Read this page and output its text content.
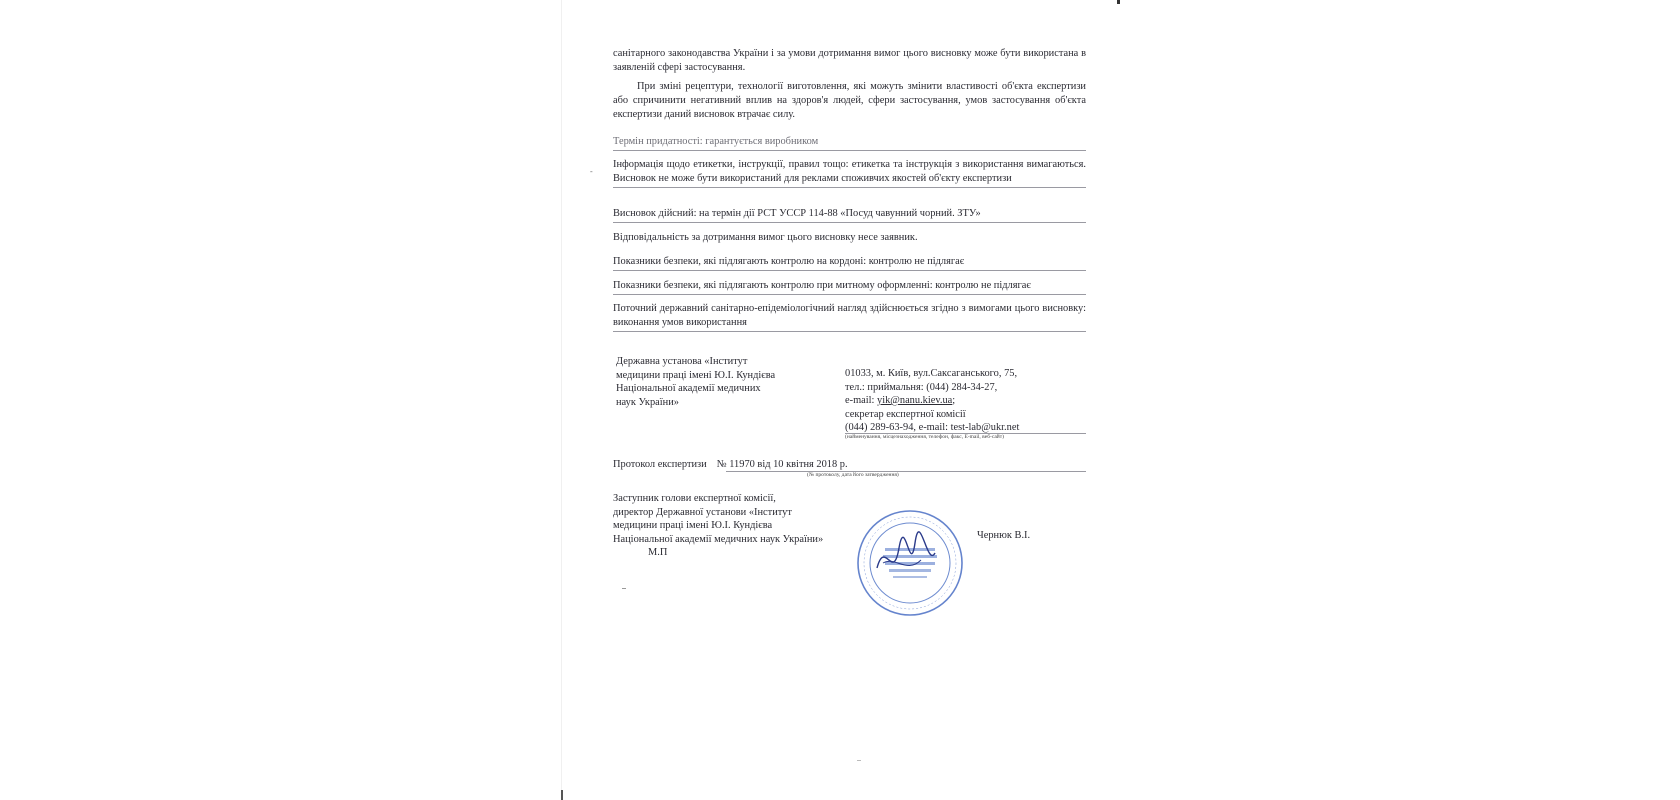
санітарного законодавства України і за умови дотримання вимог цього висновку може бути використана в заявленій сфері застосування.

При зміні рецептури, технології виготовлення, які можуть змінити властивості об'єкта експертизи або спричинити негативний вплив на здоров'я людей, сфери застосування, умов застосування об'єкта експертизи даний висновок втрачає силу.

Термін придатності: гарантується виробником

-

Інформація щодо етикетки, інструкції, правил тощо: етикетка та інструкція з використання вимагаються. Висновок не може бути використаний для реклами споживчих якостей об'єкту експертизи

Висновок дійсний: на термін дії РСТ УССР 114-88 «Посуд чавунний чорний. ЗТУ»

Відповідальність за дотримання вимог цього висновку несе заявник.

Показники безпеки, які підлягають контролю на кордоні: контролю не підлягає

Показники безпеки, які підлягають контролю при митному оформленні: контролю не підлягає

Поточний державний санітарно-епідеміологічний нагляд здійснюється згідно з вимогами цього висновку: виконання умов використання

Державна установа «Інститут
медицини праці імені Ю.І. Кундієва
Національної академії медичних
наук України»
01033, м. Київ, вул.Саксаганського, 75,
тел.: приймальня: (044) 284-34-27,
e-mail: yik@nanu.kiev.ua;
секретар експертної комісії
(044) 289-63-94, e-mail: test-lab@ukr.net
(найменування, місцезнаходження, телефон, факс, E-mail, веб-сайт)
Протокол експертизи № 11970 від 10 квітня 2018 р.
(№ протоколу, дата його затвердження)
Заступник голови експертної комісії,
директор Державної установи «Інститут
медицини праці імені Ю.І. Кундієва
Національної академії медичних наук України»
М.П
Чернюк В.І.
